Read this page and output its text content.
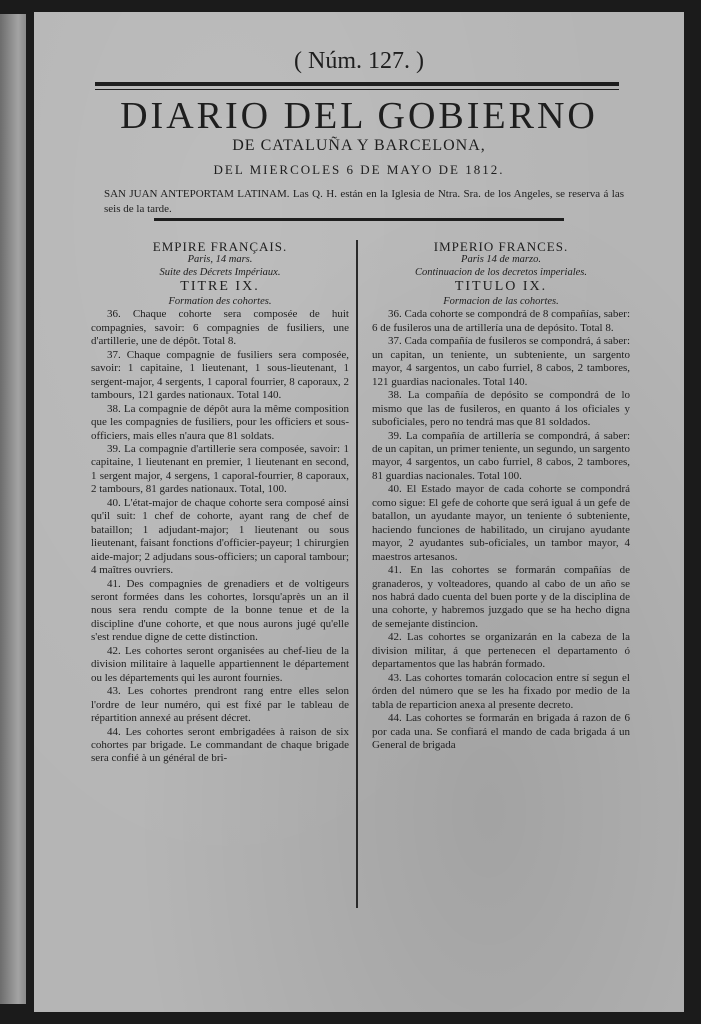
( Núm. 127. )
DIARIO DEL GOBIERNO
DE CATALUÑA Y BARCELONA,
DEL MIERCOLES 6 DE MAYO DE 1812.
SAN JUAN ANTEPORTAM LATINAM. Las Q. H. están en la Iglesia de Ntra. Sra. de los Angeles, se reserva á las seis de la tarde.
EMPIRE FRANÇAIS.
Paris, 14 mars.
Suite des Décrets Impériaux.
TITRE IX.
Formation des cohortes.

36. Chaque cohorte sera composée de huit compagnies, savoir: 6 compagnies de fusiliers, une d'artillerie, une de dépôt. Total 8.

37. Chaque compagnie de fusiliers sera composée, savoir: 1 capitaine, 1 lieutenant, 1 sous-lieutenant, 1 sergent-major, 4 sergents, 1 caporal fourrier, 8 caporaux, 2 tambours, 121 gardes nationaux. Total 140.

38. La compagnie de dépôt aura la même composition que les compagnies de fusiliers, pour les officiers et sous-officiers, mais elles n'aura que 81 soldats.

39. La compagnie d'artillerie sera composée, savoir: 1 capitaine, 1 lieutenant en premier, 1 lieutenant en second, 1 sergent major, 4 sergens, 1 caporal-fourrier, 8 caporaux, 2 tambours, 81 gardes nationaux. Total, 100.

40. L'état-major de chaque cohorte sera composé ainsi qu'il suit: 1 chef de cohorte, ayant rang de chef de bataillon; 1 adjudant-major; 1 lieutenant ou sous lieutenant, faisant fonctions d'officier-payeur; 1 chirurgien aide-major; 2 adjudans sous-officiers; un caporal tambour; 4 maîtres ouvriers.

41. Des compagnies de grenadiers et de voltigeurs seront formées dans les cohortes, lorsqu'après un an il nous sera rendu compte de la bonne tenue et de la discipline d'une cohorte, et que nous aurons jugé qu'elle s'est rendue digne de cette distinction.

42. Les cohortes seront organisées au chef-lieu de la division militaire à laquelle appartiennent le département ou les départements qui les auront fournies.

43. Les cohortes prendront rang entre elles selon l'ordre de leur numéro, qui est fixé par le tableau de répartition annexé au présent décret.

44. Les cohortes seront embrigadées à raison de six cohortes par brigade. Le commandant de chaque brigade sera confié à un général de bri-

IMPERIO FRANCES.
Paris 14 de marzo.
Continuacion de los decretos imperiales.
TITULO IX.
Formacion de las cohortes.

36. Cada cohorte se compondrá de 8 compañías, saber: 6 de fusileros una de artillería una de depósito. Total 8.

37. Cada compañía de fusileros se compondrá, á saber: un capitan, un teniente, un subteniente, un sargento mayor, 4 sargentos, un cabo furriel, 8 cabos, 2 tambores, 121 guardias nacionales. Total 140.

38. La compañía de depósito se compondrá de lo mismo que las de fusileros, en quanto á los oficiales y suboficiales, pero no tendrá mas que 81 soldados.

39. La compañía de artillería se compondrá, á saber: de un capitan, un primer teniente, un segundo, un sargento mayor, 4 sargentos, un cabo furriel, 8 cabos, 2 tambores, 81 guardias nacionales. Total 100.

40. El Estado mayor de cada cohorte se compondrá como sigue: El gefe de cohorte que será igual á un gefe de batallon, un ayudante mayor, un teniente ó subteniente, haciendo funciones de habilitado, un cirujano ayudante mayor, 2 ayudantes sub-oficiales, un tambor mayor, 4 maestros artesanos.

41. En las cohortes se formarán compañías de granaderos, y volteadores, quando al cabo de un año se nos habrá dado cuenta del buen porte y de la disciplina de una cohorte, y habremos juzgado que se ha hecho digna de semejante distincion.

42. Las cohortes se organizarán en la cabeza de la division militar, á que pertenecen el departamento ó departamentos que las habrán formado.

43. Las cohortes tomarán colocacion entre sí segun el órden del número que se les ha fixado por medio de la tabla de reparticion anexa al presente decreto.

44. Las cohortes se formarán en brigada á razon de 6 por cada una. Se confiará el mando de cada brigada á un General de brigada
